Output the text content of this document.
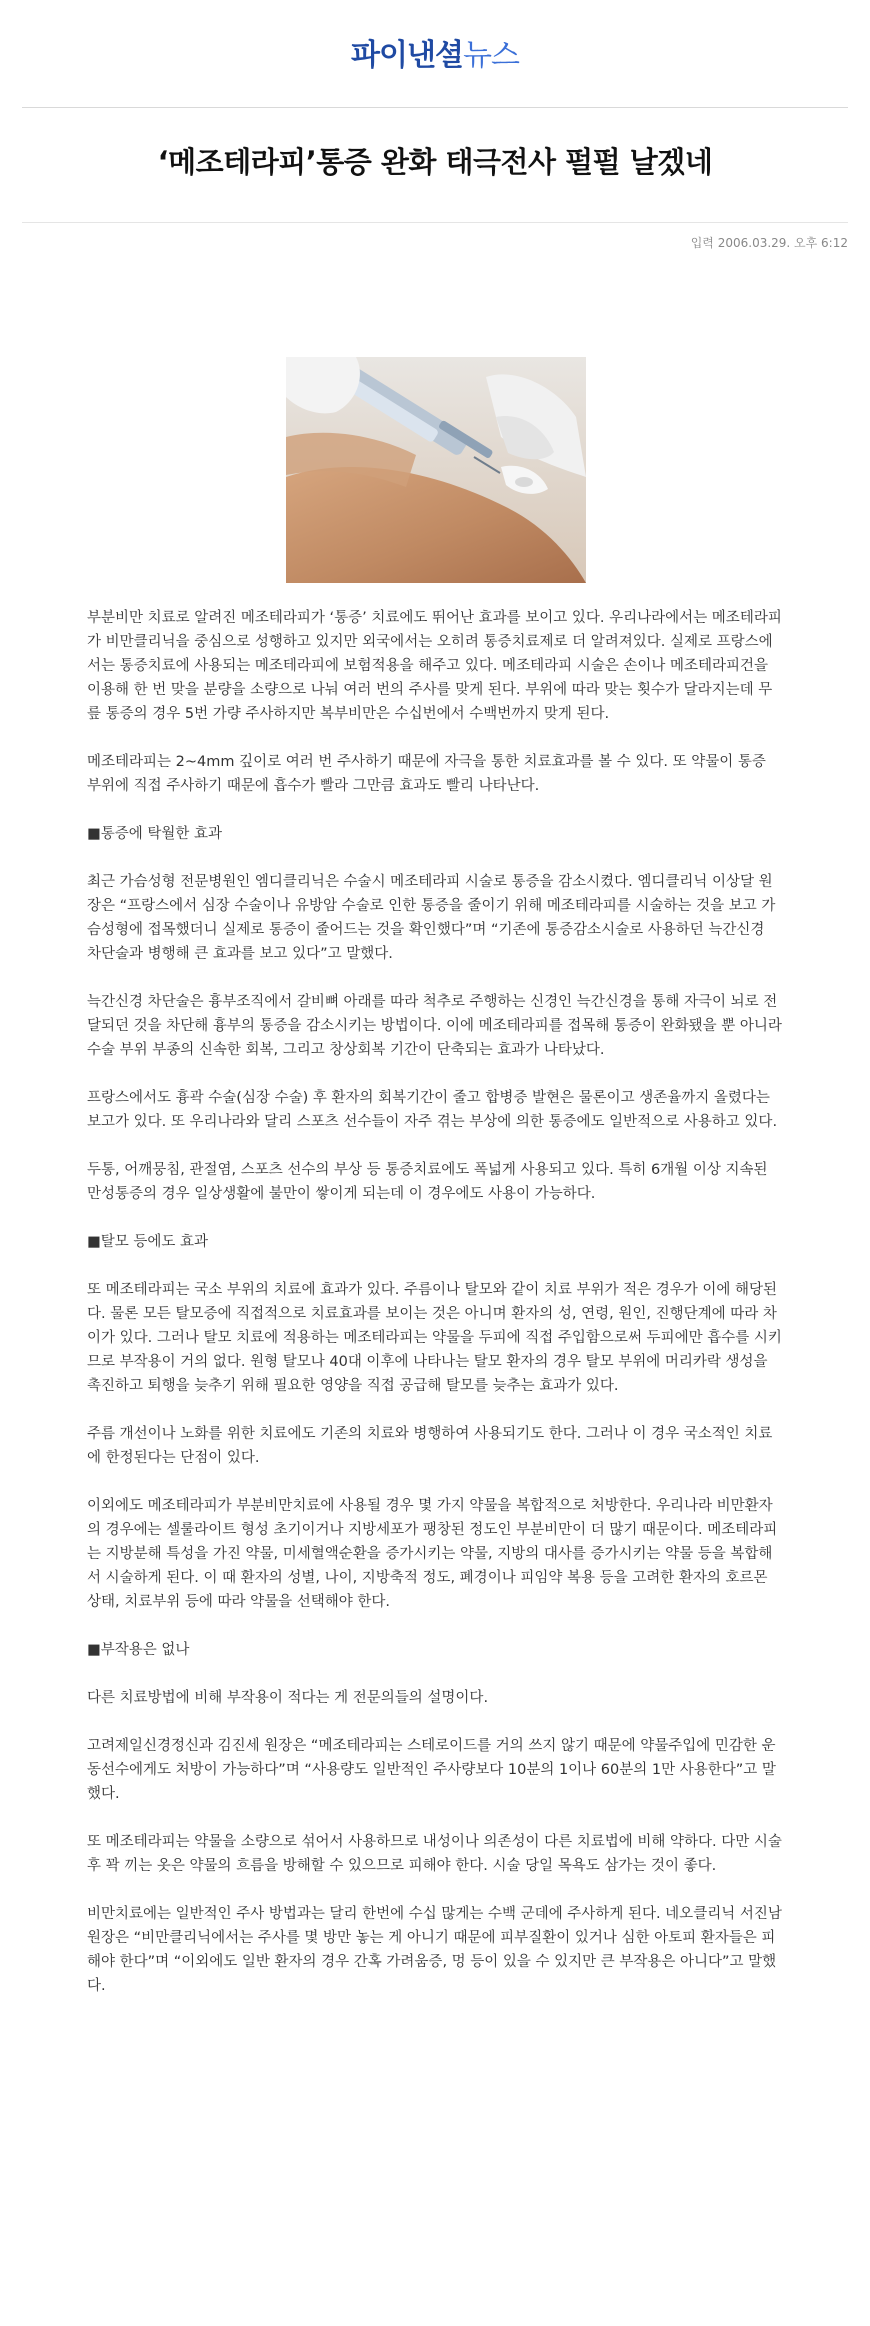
파이낸셜뉴스
‘메조테라피’통증 완화 태극전사 펄펄 날겠네
입력 2006.03.29. 오후 6:12

부분비만 치료로 알려진 메조테라피가 ‘통증’ 치료에도 뛰어난 효과를 보이고 있다. 우리나라에서는 메조테라피가 비만클리닉을 중심으로 성행하고 있지만 외국에서는 오히려 통증치료제로 더 알려져있다. 실제로 프랑스에서는 통증치료에 사용되는 메조테라피에 보험적용을 해주고 있다. 메조테라피 시술은 손이나 메조테라피건을 이용해 한 번 맞을 분량을 소량으로 나눠 여러 번의 주사를 맞게 된다. 부위에 따라 맞는 횟수가 달라지는데 무릎 통증의 경우 5번 가량 주사하지만 복부비만은 수십번에서 수백번까지 맞게 된다.

메조테라피는 2~4mm 깊이로 여러 번 주사하기 때문에 자극을 통한 치료효과를 볼 수 있다. 또 약물이 통증 부위에 직접 주사하기 때문에 흡수가 빨라 그만큼 효과도 빨리 나타난다.

■통증에 탁월한 효과

최근 가슴성형 전문병원인 엠디클리닉은 수술시 메조테라피 시술로 통증을 감소시켰다. 엠디클리닉 이상달 원장은 “프랑스에서 심장 수술이나 유방암 수술로 인한 통증을 줄이기 위해 메조테라피를 시술하는 것을 보고 가슴성형에 접목했더니 실제로 통증이 줄어드는 것을 확인했다”며 “기존에 통증감소시술로 사용하던 늑간신경 차단술과 병행해 큰 효과를 보고 있다”고 말했다.

늑간신경 차단술은 흉부조직에서 갈비뼈 아래를 따라 척추로 주행하는 신경인 늑간신경을 통해 자극이 뇌로 전달되던 것을 차단해 흉부의 통증을 감소시키는 방법이다. 이에 메조테라피를 접목해 통증이 완화됐을 뿐 아니라 수술 부위 부종의 신속한 회복, 그리고 창상회복 기간이 단축되는 효과가 나타났다.

프랑스에서도 흉곽 수술(심장 수술) 후 환자의 회복기간이 줄고 합병증 발현은 물론이고 생존율까지 올렸다는 보고가 있다. 또 우리나라와 달리 스포츠 선수들이 자주 겪는 부상에 의한 통증에도 일반적으로 사용하고 있다.

두통, 어깨뭉침, 관절염, 스포츠 선수의 부상 등 통증치료에도 폭넓게 사용되고 있다. 특히 6개월 이상 지속된 만성통증의 경우 일상생활에 불만이 쌓이게 되는데 이 경우에도 사용이 가능하다.

■탈모 등에도 효과

또 메조테라피는 국소 부위의 치료에 효과가 있다. 주름이나 탈모와 같이 치료 부위가 적은 경우가 이에 해당된다. 물론 모든 탈모증에 직접적으로 치료효과를 보이는 것은 아니며 환자의 성, 연령, 원인, 진행단계에 따라 차이가 있다. 그러나 탈모 치료에 적용하는 메조테라피는 약물을 두피에 직접 주입함으로써 두피에만 흡수를 시키므로 부작용이 거의 없다. 원형 탈모나 40대 이후에 나타나는 탈모 환자의 경우 탈모 부위에 머리카락 생성을 촉진하고 퇴행을 늦추기 위해 필요한 영양을 직접 공급해 탈모를 늦추는 효과가 있다.

주름 개선이나 노화를 위한 치료에도 기존의 치료와 병행하여 사용되기도 한다. 그러나 이 경우 국소적인 치료에 한정된다는 단점이 있다.

이외에도 메조테라피가 부분비만치료에 사용될 경우 몇 가지 약물을 복합적으로 처방한다. 우리나라 비만환자의 경우에는 셀룰라이트 형성 초기이거나 지방세포가 팽창된 정도인 부분비만이 더 많기 때문이다. 메조테라피는 지방분해 특성을 가진 약물, 미세혈액순환을 증가시키는 약물, 지방의 대사를 증가시키는 약물 등을 복합해서 시술하게 된다. 이 때 환자의 성별, 나이, 지방축적 정도, 폐경이나 피임약 복용 등을 고려한 환자의 호르몬 상태, 치료부위 등에 따라 약물을 선택해야 한다.

■부작용은 없나

다른 치료방법에 비해 부작용이 적다는 게 전문의들의 설명이다.

고려제일신경정신과 김진세 원장은 “메조테라피는 스테로이드를 거의 쓰지 않기 때문에 약물주입에 민감한 운동선수에게도 처방이 가능하다”며 “사용량도 일반적인 주사량보다 10분의 1이나 60분의 1만 사용한다”고 말했다.

또 메조테라피는 약물을 소량으로 섞어서 사용하므로 내성이나 의존성이 다른 치료법에 비해 약하다. 다만 시술 후 꽉 끼는 옷은 약물의 흐름을 방해할 수 있으므로 피해야 한다. 시술 당일 목욕도 삼가는 것이 좋다.

비만치료에는 일반적인 주사 방법과는 달리 한번에 수십 많게는 수백 군데에 주사하게 된다. 네오클리닉 서진남 원장은 “비만클리닉에서는 주사를 몇 방만 놓는 게 아니기 때문에 피부질환이 있거나 심한 아토피 환자들은 피해야 한다”며 “이외에도 일반 환자의 경우 간혹 가려움증, 멍 등이 있을 수 있지만 큰 부작용은 아니다”고 말했다.
